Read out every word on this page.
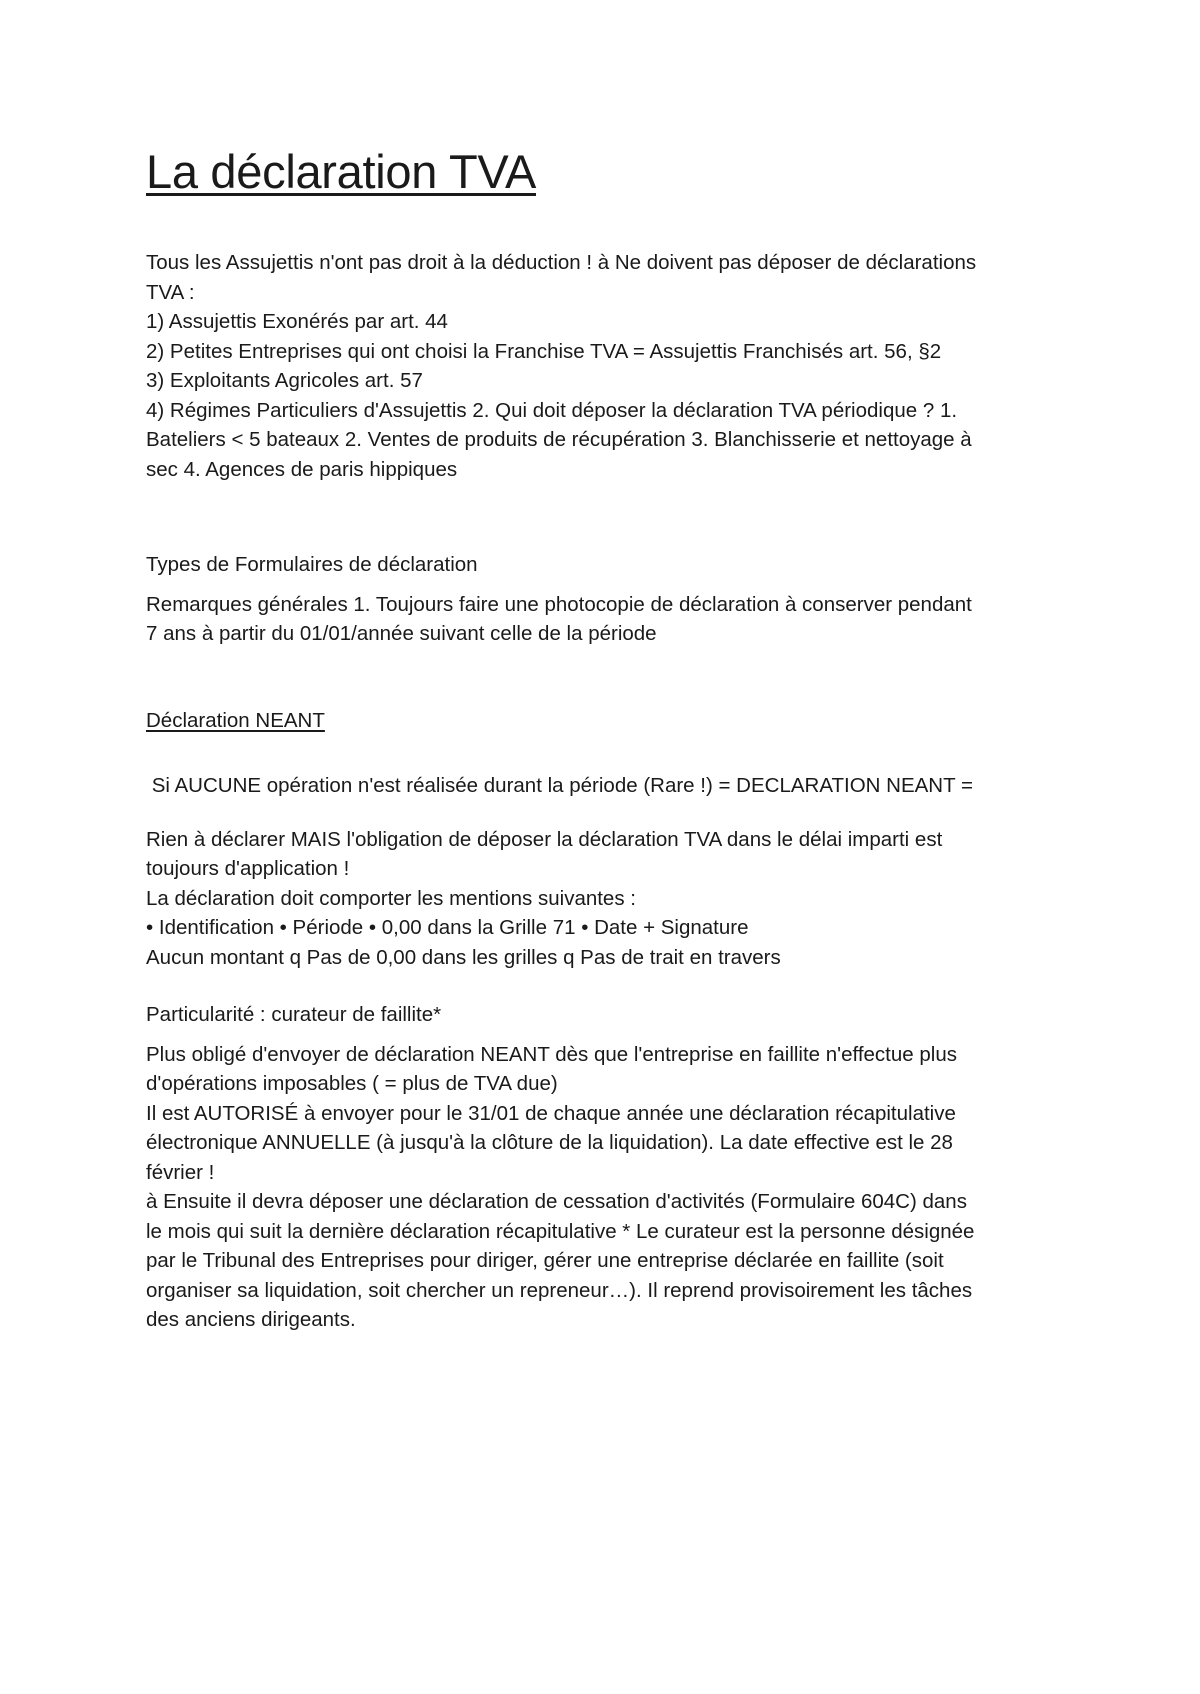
La déclaration TVA
Tous les Assujettis n'ont pas droit à la déduction ! à Ne doivent pas déposer de déclarations
TVA :
1) Assujettis Exonérés par art. 44
2) Petites Entreprises qui ont choisi la Franchise TVA = Assujettis Franchisés art. 56, §2
3) Exploitants Agricoles art. 57
4) Régimes Particuliers d'Assujettis 2. Qui doit déposer la déclaration TVA périodique ? 1.
Bateliers < 5 bateaux 2. Ventes de produits de récupération 3. Blanchisserie et nettoyage à
sec 4. Agences de paris hippiques
Types de Formulaires de déclaration
Remarques générales 1. Toujours faire une photocopie de déclaration à conserver pendant
7 ans à partir du 01/01/année suivant celle de la période
Déclaration NEANT
Si AUCUNE opération n'est réalisée durant la période (Rare !) = DECLARATION NEANT =
Rien à déclarer MAIS l'obligation de déposer la déclaration TVA dans le délai imparti est
toujours d'application !
La déclaration doit comporter les mentions suivantes :
• Identification • Période • 0,00 dans la Grille 71 • Date + Signature
Aucun montant q Pas de 0,00 dans les grilles q Pas de trait en travers
Particularité : curateur de faillite*
Plus obligé d'envoyer de déclaration NEANT dès que l'entreprise en faillite n'effectue plus
d'opérations imposables ( = plus de TVA due)
Il est AUTORISÉ à envoyer pour le 31/01 de chaque année une déclaration récapitulative
électronique ANNUELLE (à jusqu'à la clôture de la liquidation). La date effective est le 28
février !
à Ensuite il devra déposer une déclaration de cessation d'activités (Formulaire 604C) dans
le mois qui suit la dernière déclaration récapitulative * Le curateur est la personne désignée
par le Tribunal des Entreprises pour diriger, gérer une entreprise déclarée en faillite (soit
organiser sa liquidation, soit chercher un repreneur…). Il reprend provisoirement les tâches
des anciens dirigeants.
